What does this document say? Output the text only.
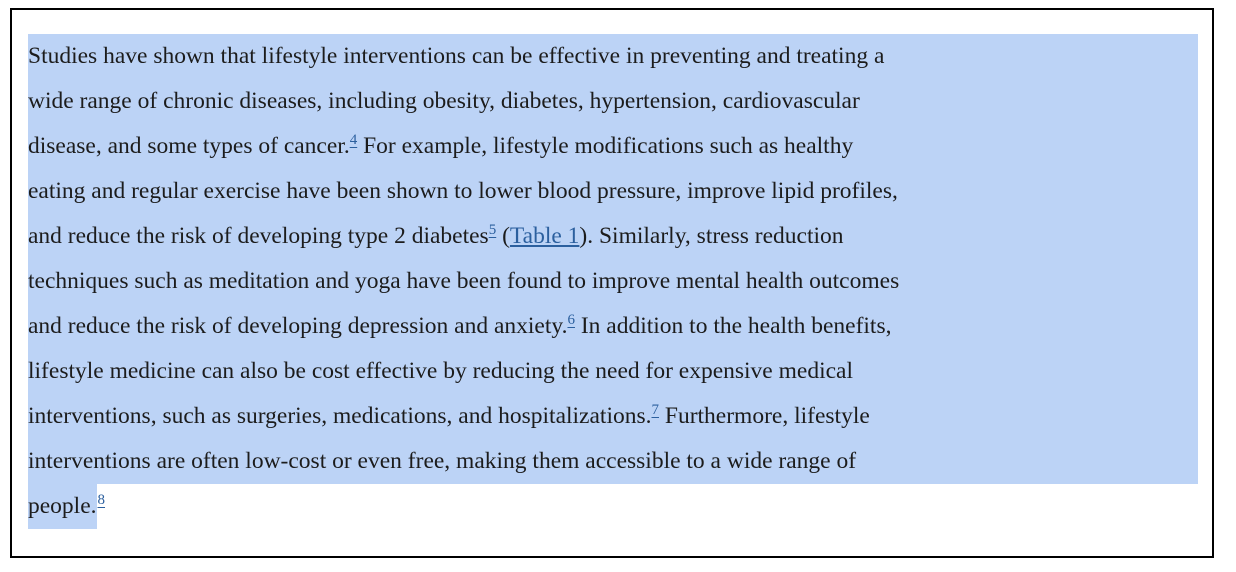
Studies have shown that lifestyle interventions can be effective in preventing and treating a
wide range of chronic diseases, including obesity, diabetes, hypertension, cardiovascular
disease, and some types of cancer.$^4$ For example, lifestyle modifications such as healthy
eating and regular exercise have been shown to lower blood pressure, improve lipid profiles,
and reduce the risk of developing type 2 diabetes$^5$ (Table 1). Similarly, stress reduction
techniques such as meditation and yoga have been found to improve mental health outcomes
and reduce the risk of developing depression and anxiety.$^6$ In addition to the health benefits,
lifestyle medicine can also be cost effective by reducing the need for expensive medical
interventions, such as surgeries, medications, and hospitalizations.$^7$ Furthermore, lifestyle
interventions are often low-cost or even free, making them accessible to a wide range of
people.$^8$
